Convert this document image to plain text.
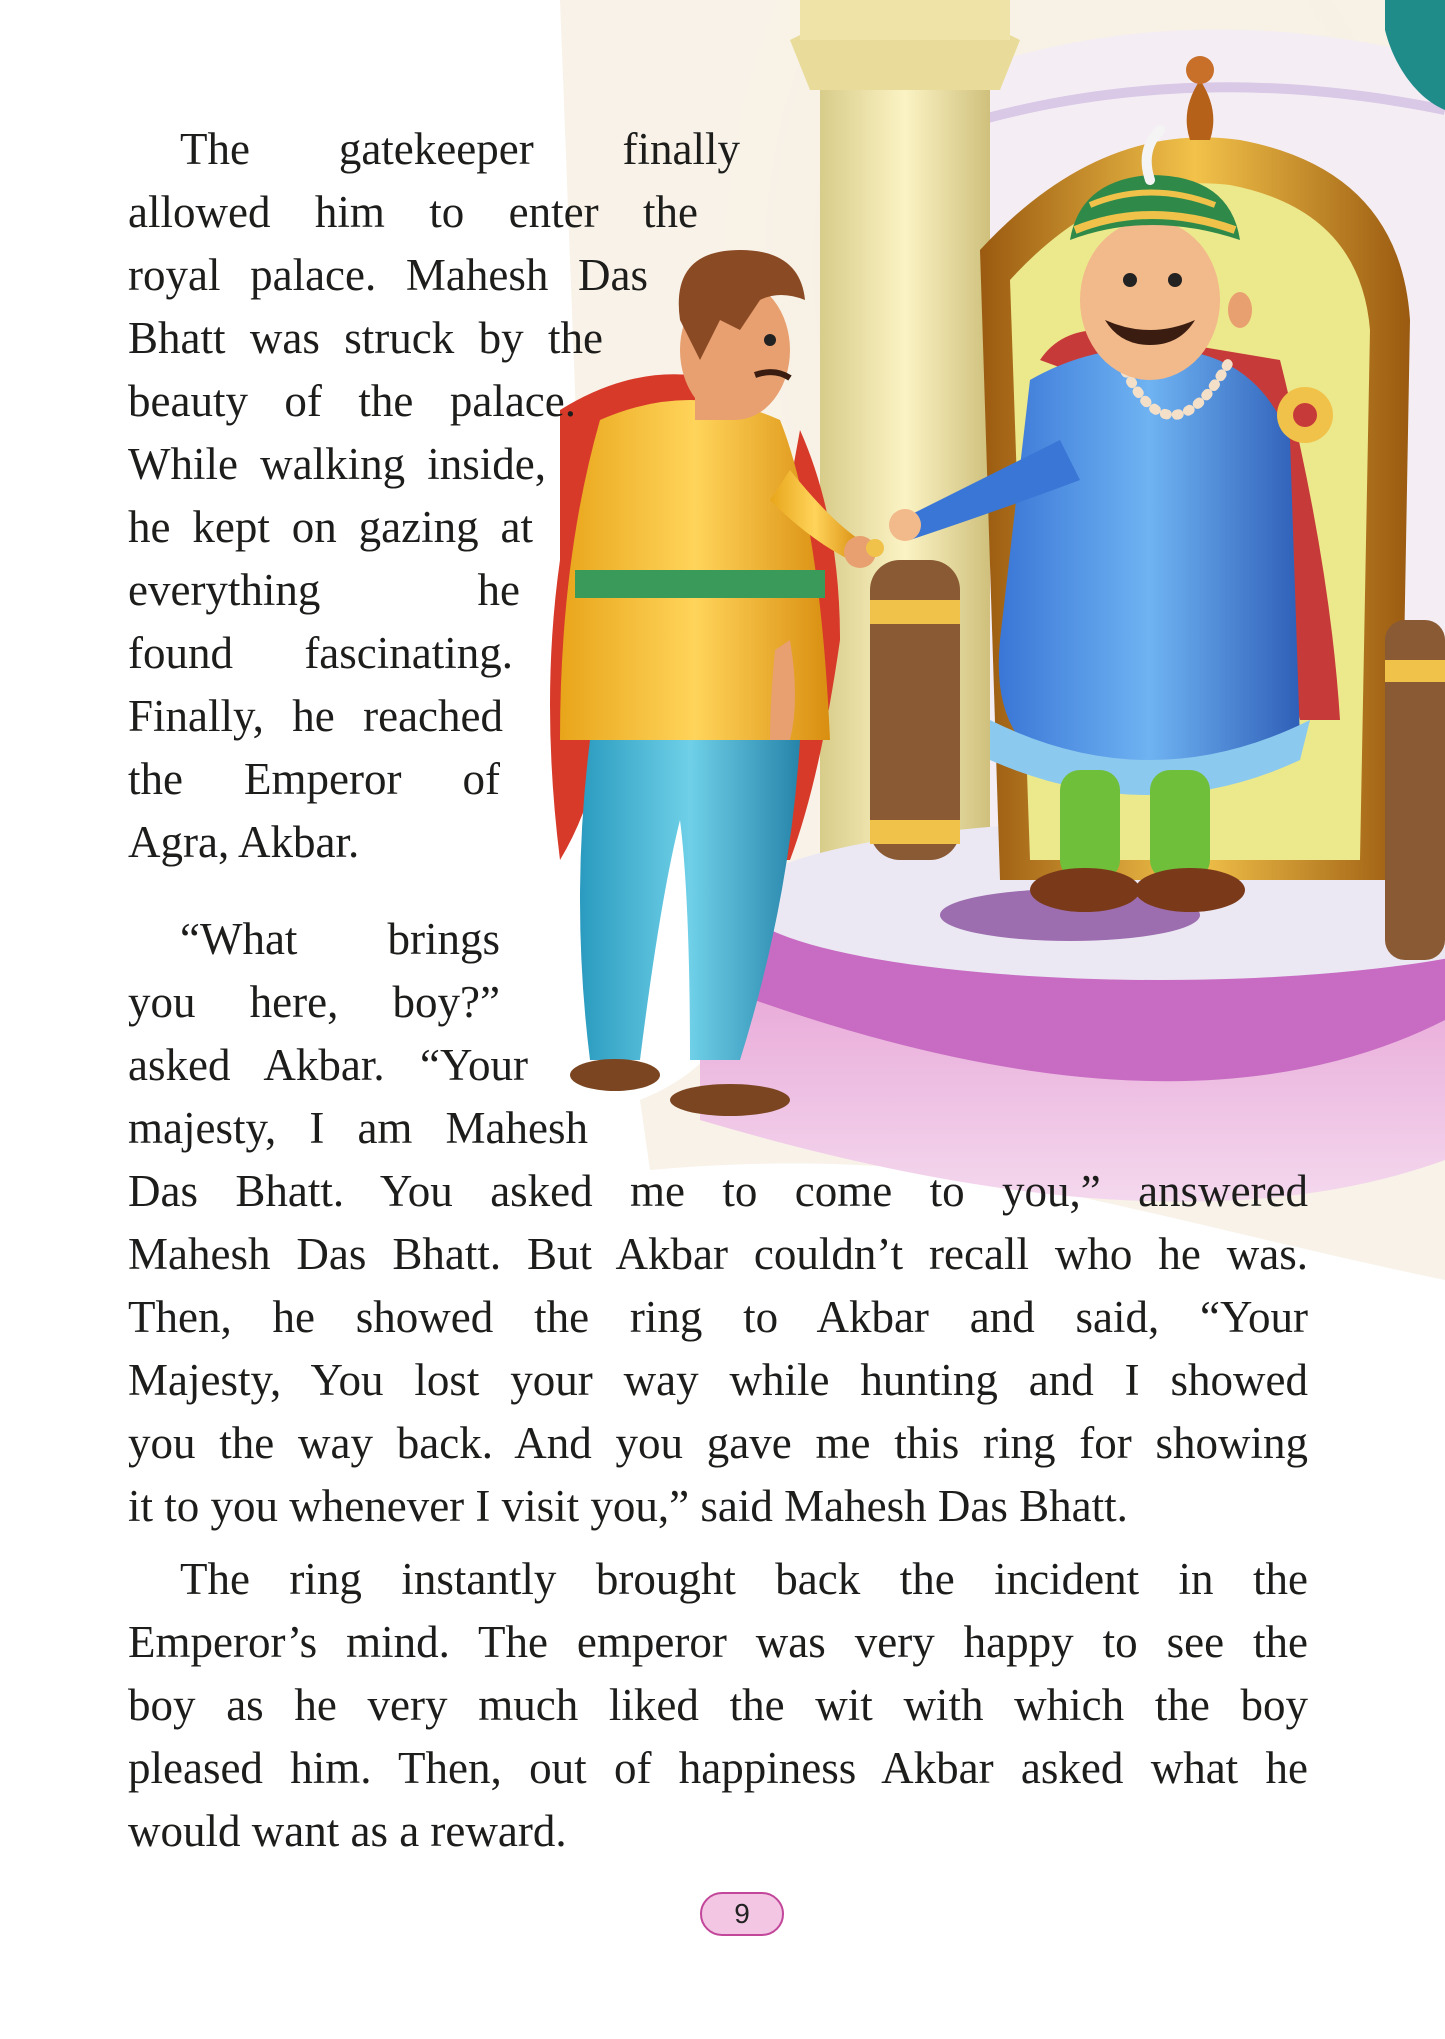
The gatekeeper finally
allowed him to enter the
royal palace. Mahesh Das
Bhatt was struck by the
beauty of the palace.
While walking inside,
he kept on gazing at
everything he
found fascinating.
Finally, he reached
the Emperor of
Agra, Akbar.
“What brings
you here, boy?”
asked Akbar. “Your
majesty, I am Mahesh
Das Bhatt. You asked me to come to you,” answered
Mahesh Das Bhatt. But Akbar couldn’t recall who he was.
Then, he showed the ring to Akbar and said, “Your
Majesty, You lost your way while hunting and I showed
you the way back. And you gave me this ring for showing
it to you whenever I visit you,” said Mahesh Das Bhatt.
The ring instantly brought back the incident in the
Emperor’s mind. The emperor was very happy to see the
boy as he very much liked the wit with which the boy
pleased him. Then, out of happiness Akbar asked what he
would want as a reward.
9
